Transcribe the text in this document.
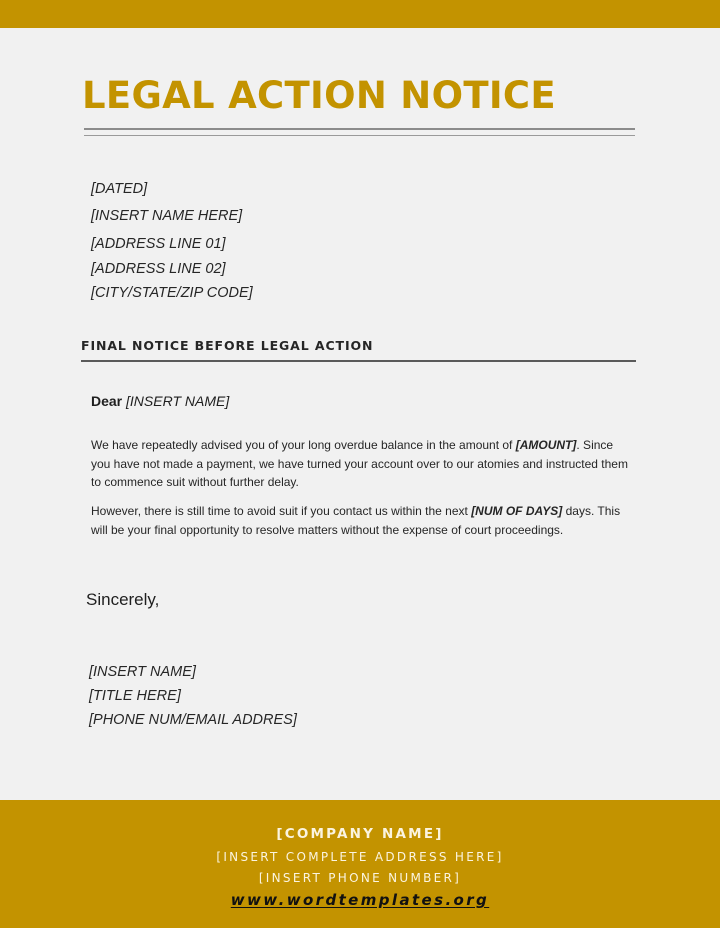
LEGAL ACTION NOTICE

[DATED]

[INSERT NAME HERE]

[ADDRESS LINE 01]

[ADDRESS LINE 02]

[CITY/STATE/ZIP CODE]

FINAL NOTICE BEFORE LEGAL ACTION

Dear [INSERT NAME]

We have repeatedly advised you of your long overdue balance in the amount of [AMOUNT]. Since you have not made a payment, we have turned your account over to our atomies and instructed them to commence suit without further delay.

However, there is still time to avoid suit if you contact us within the next [NUM OF DAYS] days. This will be your final opportunity to resolve matters without the expense of court proceedings.

Sincerely,

[INSERT NAME]

[TITLE HERE]

[PHONE NUM/EMAIL ADDRES]

[COMPANY NAME]

[INSERT COMPLETE ADDRESS HERE]

[INSERT PHONE NUMBER]

www.wordtemplates.org
